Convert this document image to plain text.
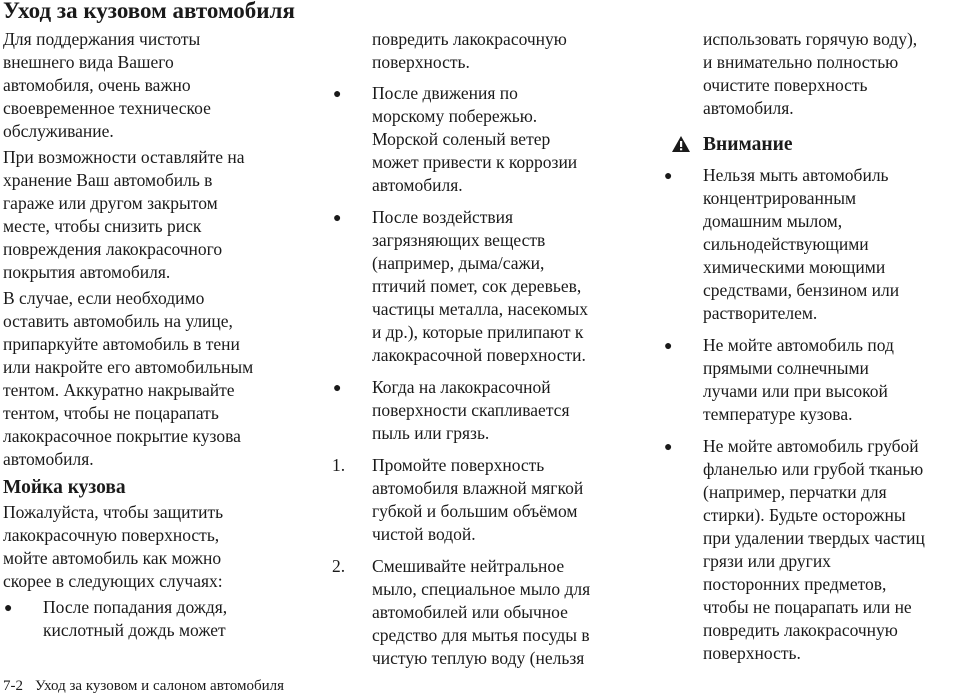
Уход за кузовом автомобиля
Для поддержания чистоты
внешнего вида Вашего
автомобиля, очень важно
своевременное техническое
обслуживание.
При возможности оставляйте на
хранение Ваш автомобиль в
гараже или другом закрытом
месте, чтобы снизить риск
повреждения лакокрасочного
покрытия автомобиля.
В случае, если необходимо
оставить автомобиль на улице,
припаркуйте автомобиль в тени
или накройте его автомобильным
тентом. Аккуратно накрывайте
тентом, чтобы не поцарапать
лакокрасочное покрытие кузова
автомобиля.
Мойка кузова
Пожалуйста, чтобы защитить
лакокрасочную поверхность,
мойте автомобиль как можно
скорее в следующих случаях:
● После попадания дождя,
кислотный дождь может
повредить лакокрасочную
поверхность.
● После движения по
морскому побережью.
Морской соленый ветер
может привести к коррозии
автомобиля.
● После воздействия
загрязняющих веществ
(например, дыма/сажи,
птичий помет, сок деревьев,
частицы металла, насекомых
и др.), которые прилипают к
лакокрасочной поверхности.
● Когда на лакокрасочной
поверхности скапливается
пыль или грязь.
1. Промойте поверхность
автомобиля влажной мягкой
губкой и большим объёмом
чистой водой.
2. Смешивайте нейтральное
мыло, специальное мыло для
автомобилей или обычное
средство для мытья посуды в
чистую теплую воду (нельзя
использовать горячую воду),
и внимательно полностью
очистите поверхность
автомобиля.
Внимание
● Нельзя мыть автомобиль
концентрированным
домашним мылом,
сильнодействующими
химическими моющими
средствами, бензином или
растворителем.
● Не мойте автомобиль под
прямыми солнечными
лучами или при высокой
температуре кузова.
● Не мойте автомобиль грубой
фланелью или грубой тканью
(например, перчатки для
стирки). Будьте осторожны
при удалении твердых частиц
грязи или других
посторонних предметов,
чтобы не поцарапать или не
повредить лакокрасочную
поверхность.
7-2 Уход за кузовом и салоном автомобиля
